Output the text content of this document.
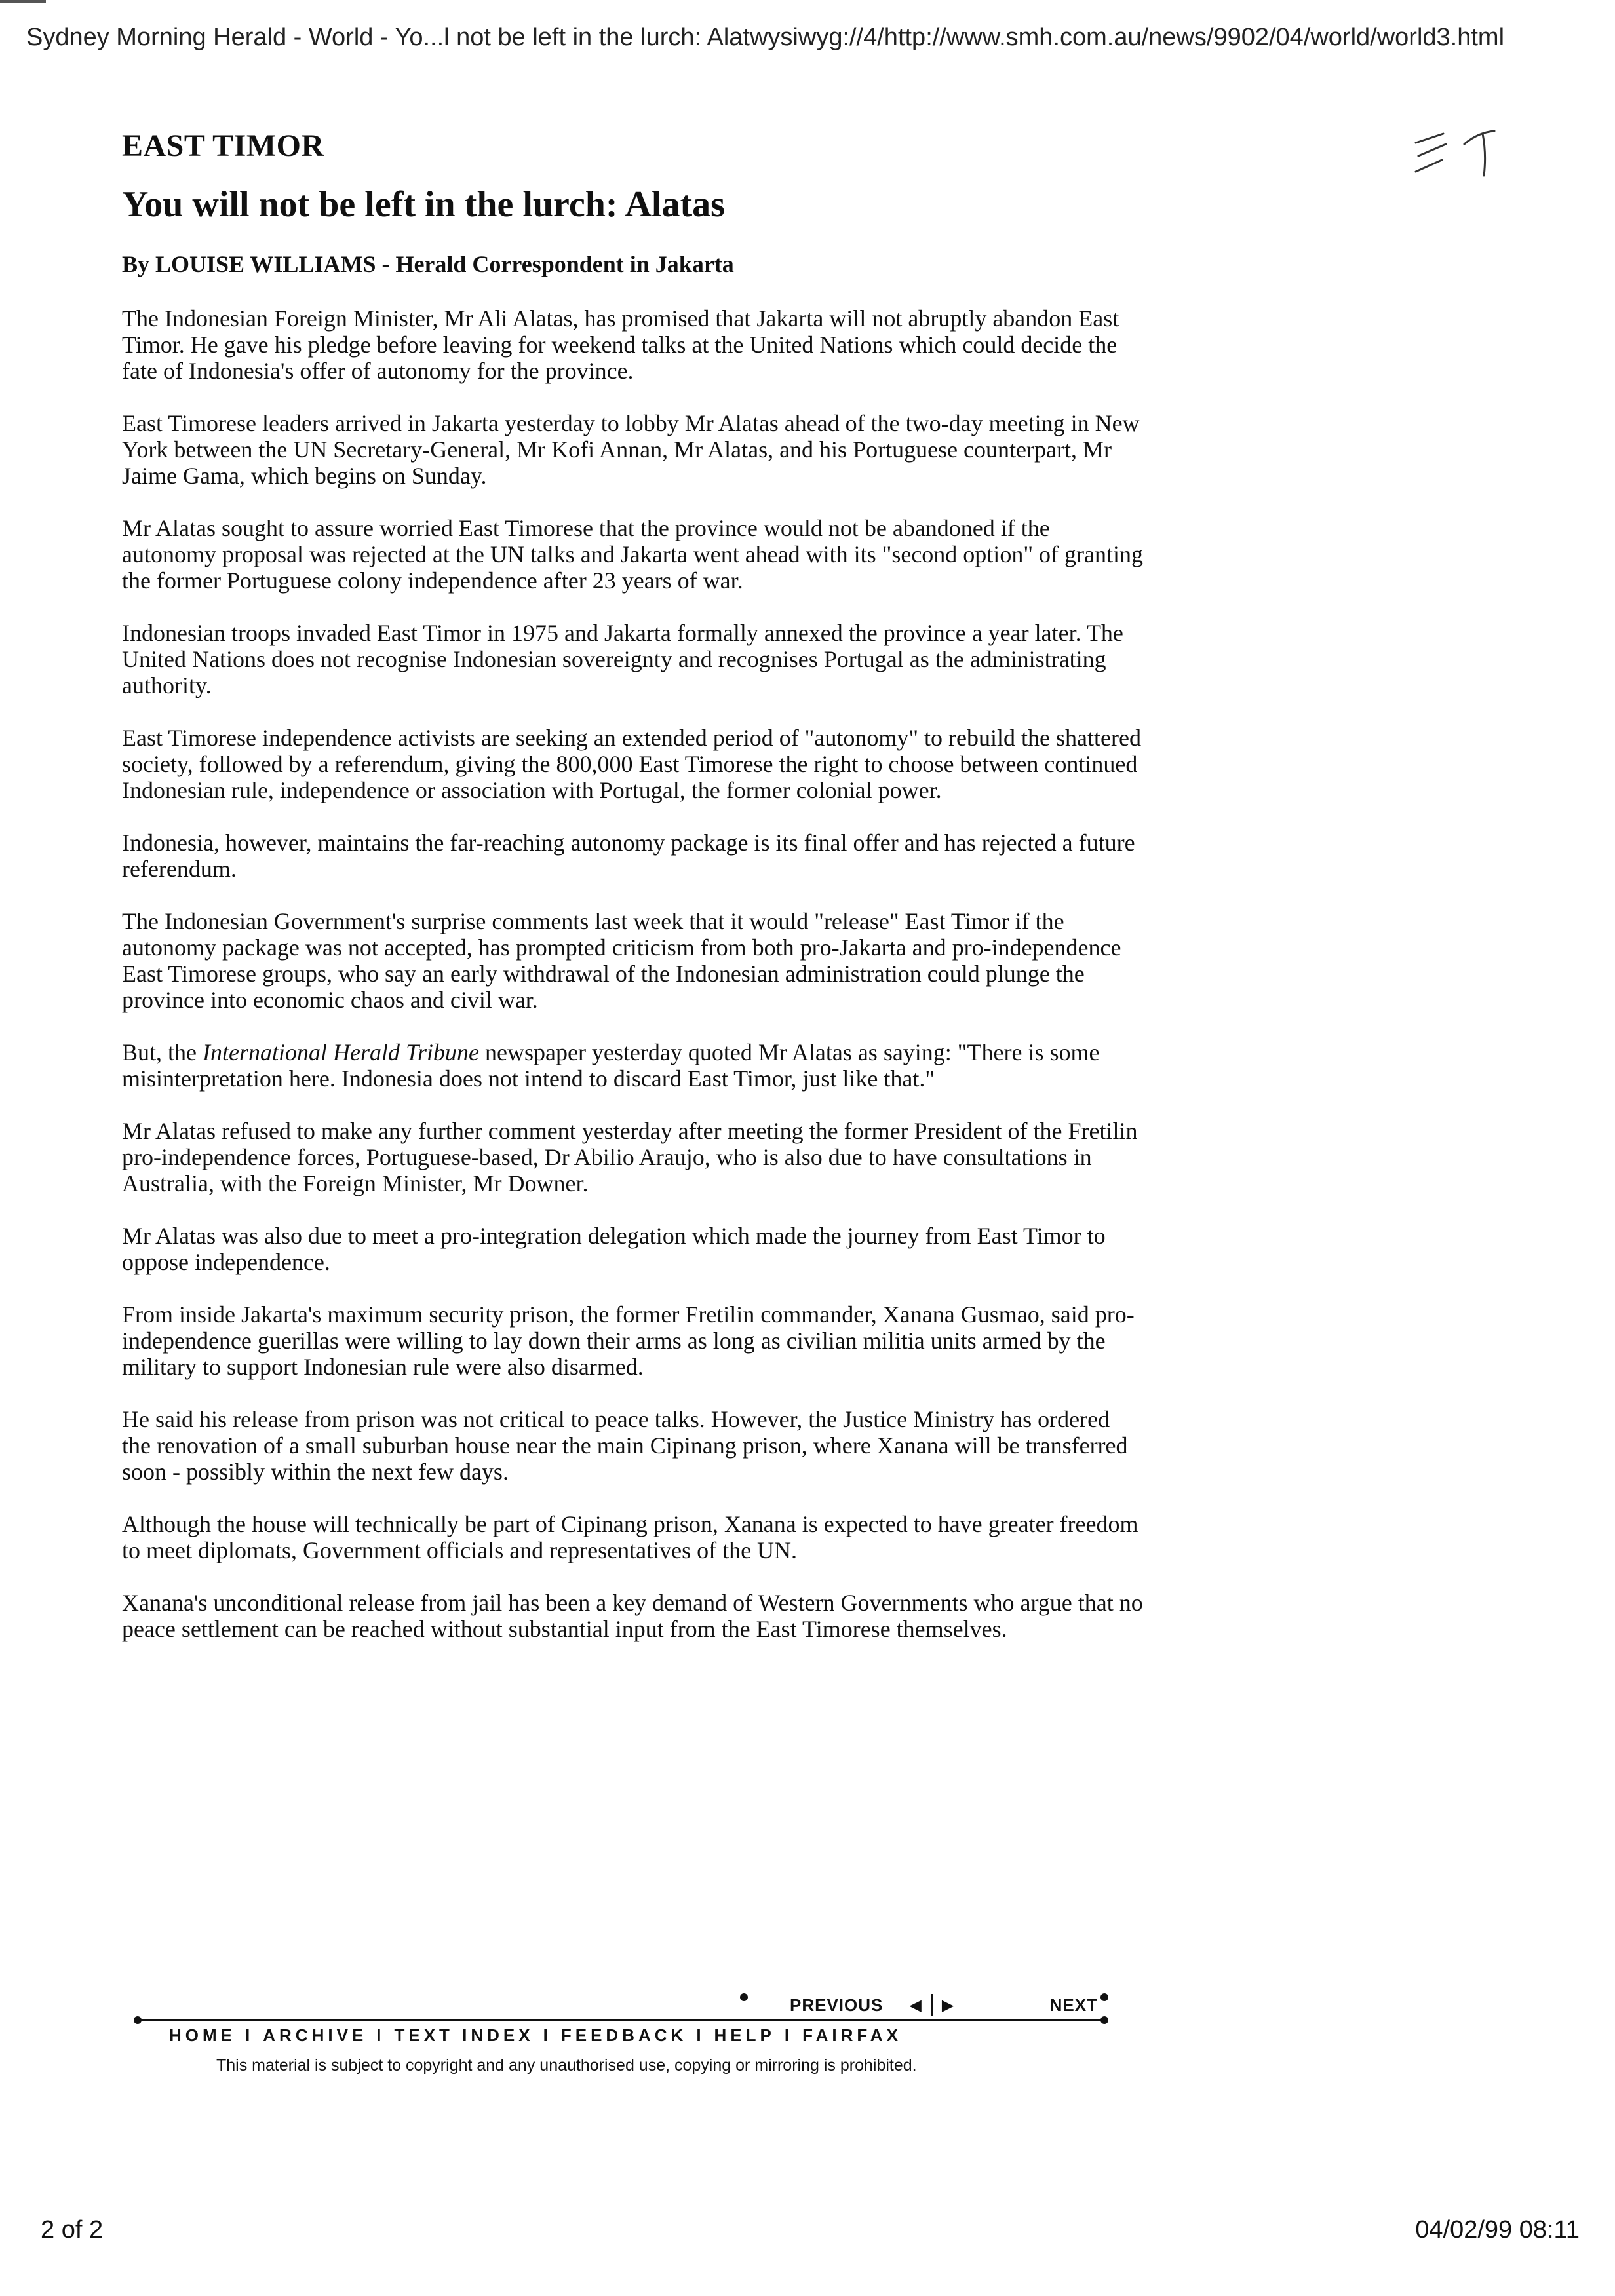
Sydney Morning Herald - World - Yo...l not be left in the lurch: Alatwysiwyg://4/http://www.smh.com.au/news/9902/04/world/world3.html
EAST TIMOR
You will not be left in the lurch: Alatas
By LOUISE WILLIAMS - Herald Correspondent in Jakarta

The Indonesian Foreign Minister, Mr Ali Alatas, has promised that Jakarta will not abruptly abandon East Timor. He gave his pledge before leaving for weekend talks at the United Nations which could decide the fate of Indonesia's offer of autonomy for the province.

East Timorese leaders arrived in Jakarta yesterday to lobby Mr Alatas ahead of the two-day meeting in New York between the UN Secretary-General, Mr Kofi Annan, Mr Alatas, and his Portuguese counterpart, Mr Jaime Gama, which begins on Sunday.

Mr Alatas sought to assure worried East Timorese that the province would not be abandoned if the autonomy proposal was rejected at the UN talks and Jakarta went ahead with its "second option" of granting the former Portuguese colony independence after 23 years of war.

Indonesian troops invaded East Timor in 1975 and Jakarta formally annexed the province a year later. The United Nations does not recognise Indonesian sovereignty and recognises Portugal as the administrating authority.

East Timorese independence activists are seeking an extended period of "autonomy" to rebuild the shattered society, followed by a referendum, giving the 800,000 East Timorese the right to choose between continued Indonesian rule, independence or association with Portugal, the former colonial power.

Indonesia, however, maintains the far-reaching autonomy package is its final offer and has rejected a future referendum.

The Indonesian Government's surprise comments last week that it would "release" East Timor if the autonomy package was not accepted, has prompted criticism from both pro-Jakarta and pro-independence East Timorese groups, who say an early withdrawal of the Indonesian administration could plunge the province into economic chaos and civil war.

But, the International Herald Tribune newspaper yesterday quoted Mr Alatas as saying: "There is some misinterpretation here. Indonesia does not intend to discard East Timor, just like that."

Mr Alatas refused to make any further comment yesterday after meeting the former President of the Fretilin pro-independence forces, Portuguese-based, Dr Abilio Araujo, who is also due to have consultations in Australia, with the Foreign Minister, Mr Downer.

Mr Alatas was also due to meet a pro-integration delegation which made the journey from East Timor to oppose independence.

From inside Jakarta's maximum security prison, the former Fretilin commander, Xanana Gusmao, said pro-independence guerillas were willing to lay down their arms as long as civilian militia units armed by the military to support Indonesian rule were also disarmed.

He said his release from prison was not critical to peace talks. However, the Justice Ministry has ordered the renovation of a small suburban house near the main Cipinang prison, where Xanana will be transferred soon - possibly within the next few days.

Although the house will technically be part of Cipinang prison, Xanana is expected to have greater freedom to meet diplomats, Government officials and representatives of the UN.

Xanana's unconditional release from jail has been a key demand of Western Governments who argue that no peace settlement can be reached without substantial input from the East Timorese themselves.

PREVIOUS ◀ ▶	NEXT
HOME I ARCHIVE I TEXT INDEX I FEEDBACK I HELP I FAIRFAX
This material is subject to copyright and any unauthorised use, copying or mirroring is prohibited.
2 of 2	04/02/99 08:11
